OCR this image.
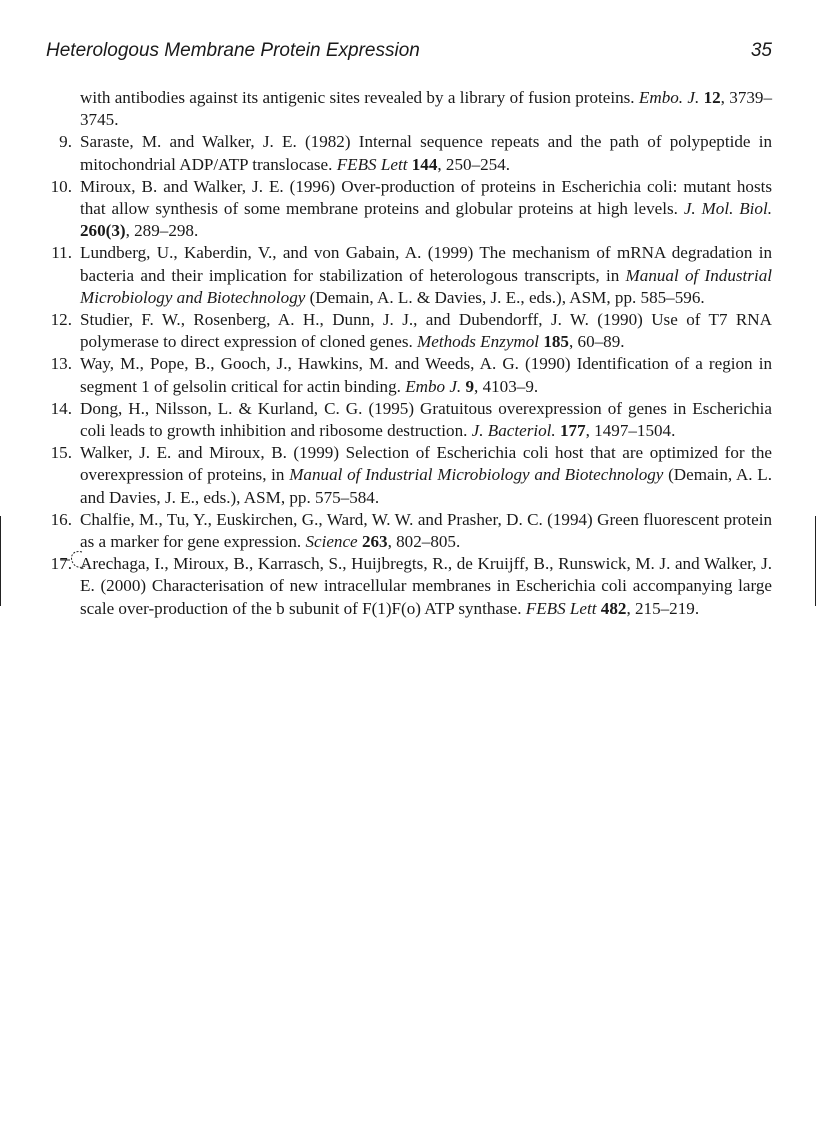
Heterologous Membrane Protein Expression	35
with antibodies against its antigenic sites revealed by a library of fusion proteins. Embo. J. 12, 3739–3745.
9. Saraste, M. and Walker, J. E. (1982) Internal sequence repeats and the path of polypeptide in mitochondrial ADP/ATP translocase. FEBS Lett 144, 250–254.
10. Miroux, B. and Walker, J. E. (1996) Over-production of proteins in Escherichia coli: mutant hosts that allow synthesis of some membrane proteins and globular proteins at high levels. J. Mol. Biol. 260(3), 289–298.
11. Lundberg, U., Kaberdin, V., and von Gabain, A. (1999) The mechanism of mRNA degradation in bacteria and their implication for stabilization of heterologous transcripts, in Manual of Industrial Microbiology and Biotechnology (Demain, A. L. & Davies, J. E., eds.), ASM, pp. 585–596.
12. Studier, F. W., Rosenberg, A. H., Dunn, J. J., and Dubendorff, J. W. (1990) Use of T7 RNA polymerase to direct expression of cloned genes. Methods Enzymol 185, 60–89.
13. Way, M., Pope, B., Gooch, J., Hawkins, M. and Weeds, A. G. (1990) Identification of a region in segment 1 of gelsolin critical for actin binding. Embo J. 9, 4103–9.
14. Dong, H., Nilsson, L. & Kurland, C. G. (1995) Gratuitous overexpression of genes in Escherichia coli leads to growth inhibition and ribosome destruction. J. Bacteriol. 177, 1497–1504.
15. Walker, J. E. and Miroux, B. (1999) Selection of Escherichia coli host that are optimized for the overexpression of proteins, in Manual of Industrial Microbiology and Biotechnology (Demain, A. L. and Davies, J. E., eds.), ASM, pp. 575–584.
16. Chalfie, M., Tu, Y., Euskirchen, G., Ward, W. W. and Prasher, D. C. (1994) Green fluorescent protein as a marker for gene expression. Science 263, 802–805.
17. Arechaga, I., Miroux, B., Karrasch, S., Huijbregts, R., de Kruijff, B., Runswick, M. J. and Walker, J. E. (2000) Characterisation of new intracellular membranes in Escherichia coli accompanying large scale over-production of the b subunit of F(1)F(o) ATP synthase. FEBS Lett 482, 215–219.
